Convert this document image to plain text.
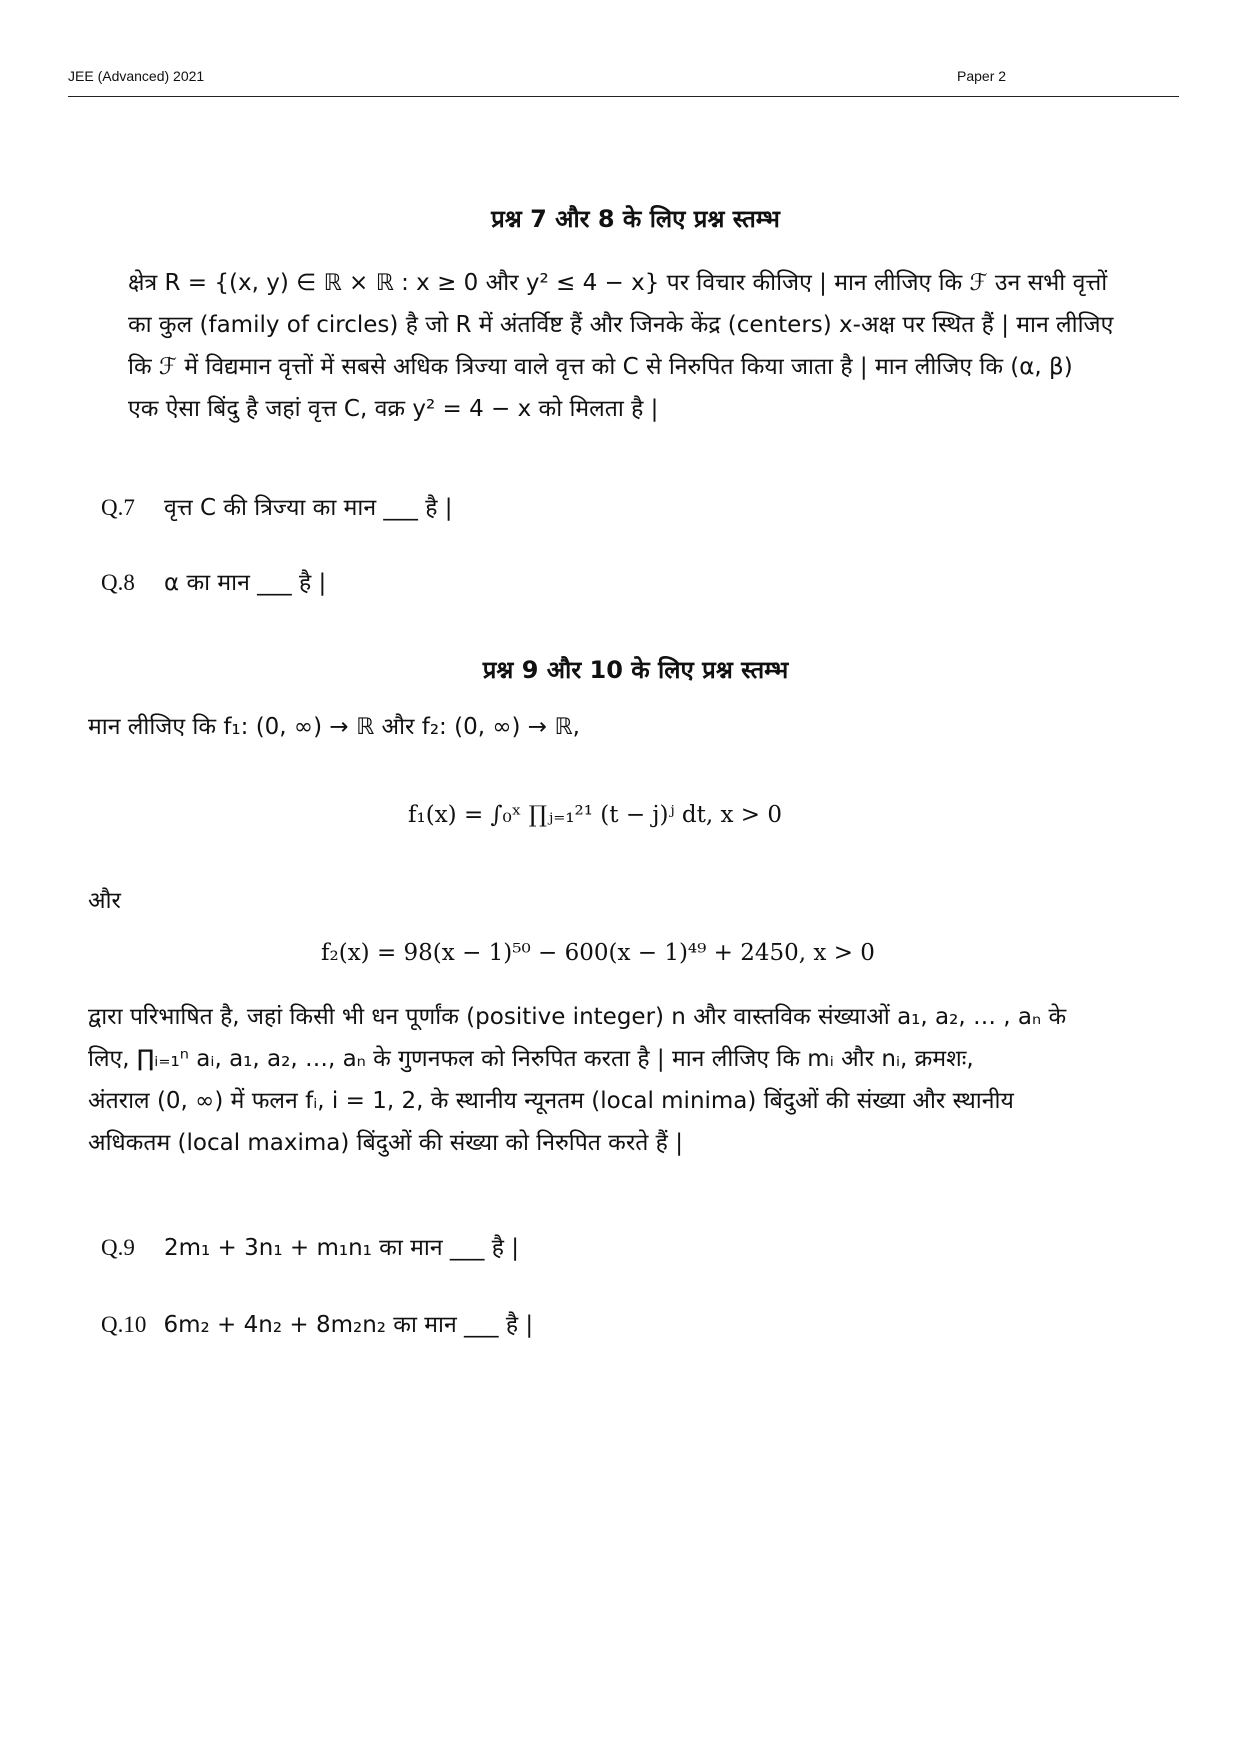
JEE (Advanced) 2021	Paper 2
प्रश्न 7 और 8 के लिए प्रश्न स्तम्भ
क्षेत्र R = {(x, y) ∈ ℝ × ℝ : x ≥ 0 और y² ≤ 4 − x} पर विचार कीजिए | मान लीजिए कि ℱ उन सभी वृत्तों
का कुल (family of circles) है जो R में अंतर्विष्ट हैं और जिनके केंद्र (centers) x-अक्ष पर स्थित हैं | मान लीजिए
कि ℱ में विद्यमान वृत्तों में सबसे अधिक त्रिज्या वाले वृत्त को C से निरुपित किया जाता है | मान लीजिए कि (α, β)
एक ऐसा बिंदु है जहां वृत्त C, वक्र y² = 4 − x को मिलता है |
Q.7 वृत्त C की त्रिज्या का मान ___ है |
Q.8 α का मान ___ है |
प्रश्न 9 और 10 के लिए प्रश्न स्तम्भ
मान लीजिए कि f₁: (0, ∞) → ℝ और f₂: (0, ∞) → ℝ,
f₁(x) = ∫₀ˣ ∏ⱼ₌₁²¹ (t − j)ʲ dt, x > 0
और
f₂(x) = 98(x − 1)⁵⁰ − 600(x − 1)⁴⁹ + 2450, x > 0
द्वारा परिभाषित है, जहां किसी भी धन पूर्णांक (positive integer) n और वास्तविक संख्याओं a₁, a₂, … , aₙ के
लिए, ∏ᵢ₌₁ⁿ aᵢ, a₁, a₂, …, aₙ के गुणनफल को निरुपित करता है | मान लीजिए कि mᵢ और nᵢ, क्रमशः,
अंतराल (0, ∞) में फलन fᵢ, i = 1, 2, के स्थानीय न्यूनतम (local minima) बिंदुओं की संख्या और स्थानीय
अधिकतम (local maxima) बिंदुओं की संख्या को निरुपित करते हैं |
Q.9 2m₁ + 3n₁ + m₁n₁ का मान ___ है |
Q.10 6m₂ + 4n₂ + 8m₂n₂ का मान ___ है |
